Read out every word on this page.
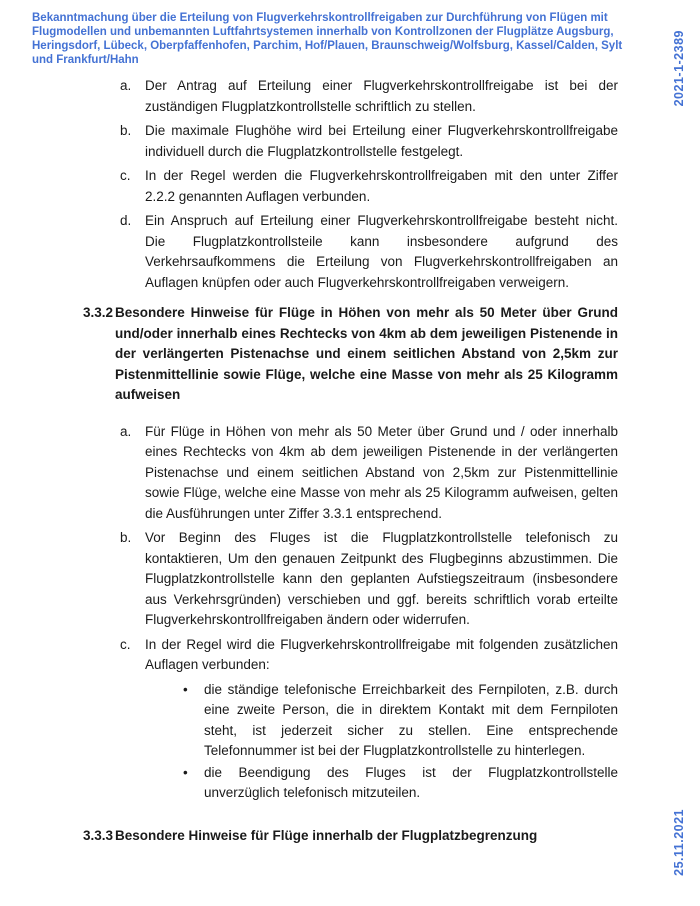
Bekanntmachung über die Erteilung von Flugverkehrskontrollfreigaben zur Durchführung von Flügen mit Flugmodellen und unbemannten Luftfahrtsystemen innerhalb von Kontrollzonen der Flugplätze Augsburg, Heringsdorf, Lübeck, Oberpfaffenhofen, Parchim, Hof/Plauen, Braunschweig/Wolfsburg, Kassel/Calden, Sylt und Frankfurt/Hahn	2021-1-2389
25.11.2021
a.	Der Antrag auf Erteilung einer Flugverkehrskontrollfreigabe ist bei der zuständigen Flugplatzkontrollstelle schriftlich zu stellen.
b.	Die maximale Flughöhe wird bei Erteilung einer Flugverkehrskontrollfreigabe individuell durch die Flugplatzkontrollstelle festgelegt.
c.	In der Regel werden die Flugverkehrskontrollfreigaben mit den unter Ziffer 2.2.2 genannten Auflagen verbunden.
d.	Ein Anspruch auf Erteilung einer Flugverkehrskontrollfreigabe besteht nicht. Die Flugplatzkontrollsteile kann insbesondere aufgrund des Verkehrsaufkommens die Erteilung von Flugverkehrskontrollfreigaben an Auflagen knüpfen oder auch Flugverkehrskontrollfreigaben verweigern.
3.3.2 Besondere Hinweise für Flüge in Höhen von mehr als 50 Meter über Grund und/oder innerhalb eines Rechtecks von 4km ab dem jeweiligen Pistenende in der verlängerten Pistenachse und einem seitlichen Abstand von 2,5km zur Pistenmittellinie sowie Flüge, welche eine Masse von mehr als 25 Kilogramm aufweisen
a.	Für Flüge in Höhen von mehr als 50 Meter über Grund und / oder innerhalb eines Rechtecks von 4km ab dem jeweiligen Pistenende in der verlängerten Pistenachse und einem seitlichen Abstand von 2,5km zur Pistenmittellinie sowie Flüge, welche eine Masse von mehr als 25 Kilogramm aufweisen, gelten die Ausführungen unter Ziffer 3.3.1 entsprechend.
b.	Vor Beginn des Fluges ist die Flugplatzkontrollstelle telefonisch zu kontaktieren, Um den genauen Zeitpunkt des Flugbeginns abzustimmen. Die Flugplatzkontrollstelle kann den geplanten Aufstiegszeitraum (insbesondere aus Verkehrsgründen) verschieben und ggf. bereits schriftlich vorab erteilte Flugverkehrskontrollfreigaben ändern oder widerrufen.
c.	In der Regel wird die Flugverkehrskontrollfreigabe mit folgenden zusätzlichen Auflagen verbunden:
•	die ständige telefonische Erreichbarkeit des Fernpiloten, z.B. durch eine zweite Person, die in direktem Kontakt mit dem Fernpiloten steht, ist jederzeit sicher zu stellen. Eine entsprechende Telefonnummer ist bei der Flugplatzkontrollstelle zu hinterlegen.
•	die Beendigung des Fluges ist der Flugplatzkontrollstelle unverzüglich telefonisch mitzuteilen.
3.3.3 Besondere Hinweise für Flüge innerhalb der Flugplatzbegrenzung
